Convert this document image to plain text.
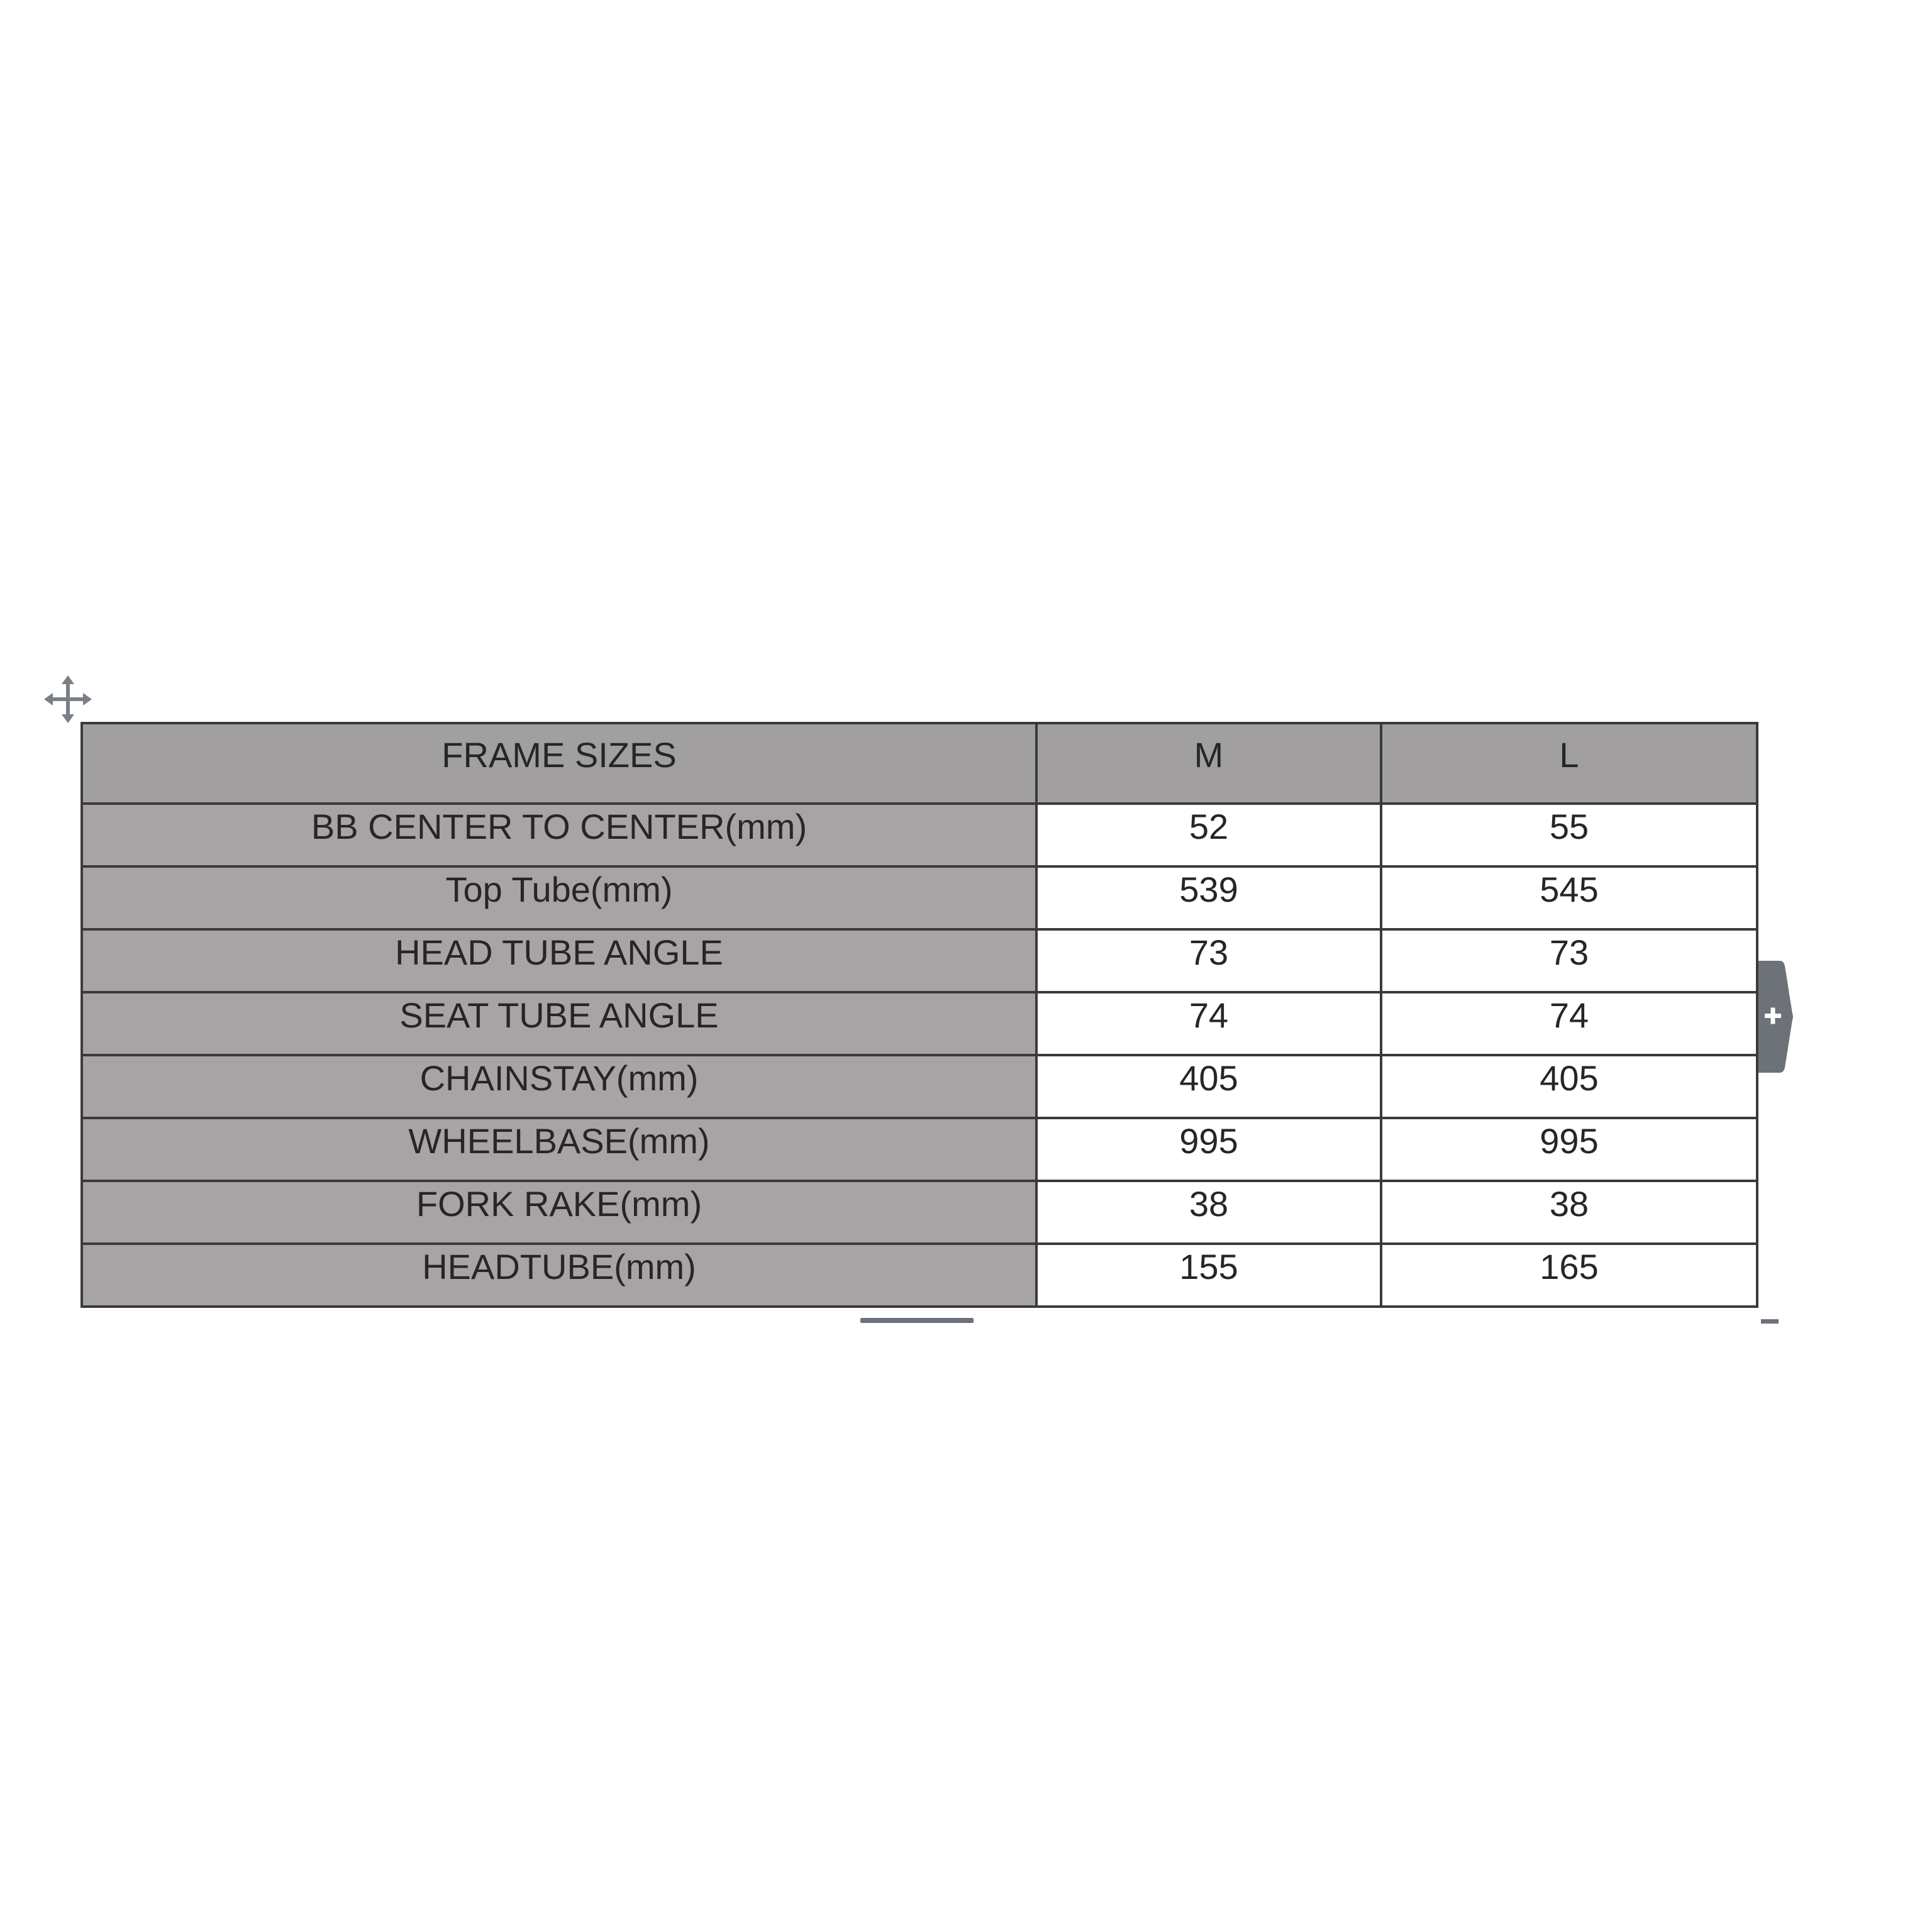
FRAME SIZES	M	L
BB CENTER TO CENTER(mm)	52	55
Top Tube(mm)	539	545
HEAD TUBE ANGLE	73	73
SEAT TUBE ANGLE	74	74
CHAINSTAY(mm)	405	405
WHEELBASE(mm)	995	995
FORK RAKE(mm)	38	38
HEADTUBE(mm)	155	165
